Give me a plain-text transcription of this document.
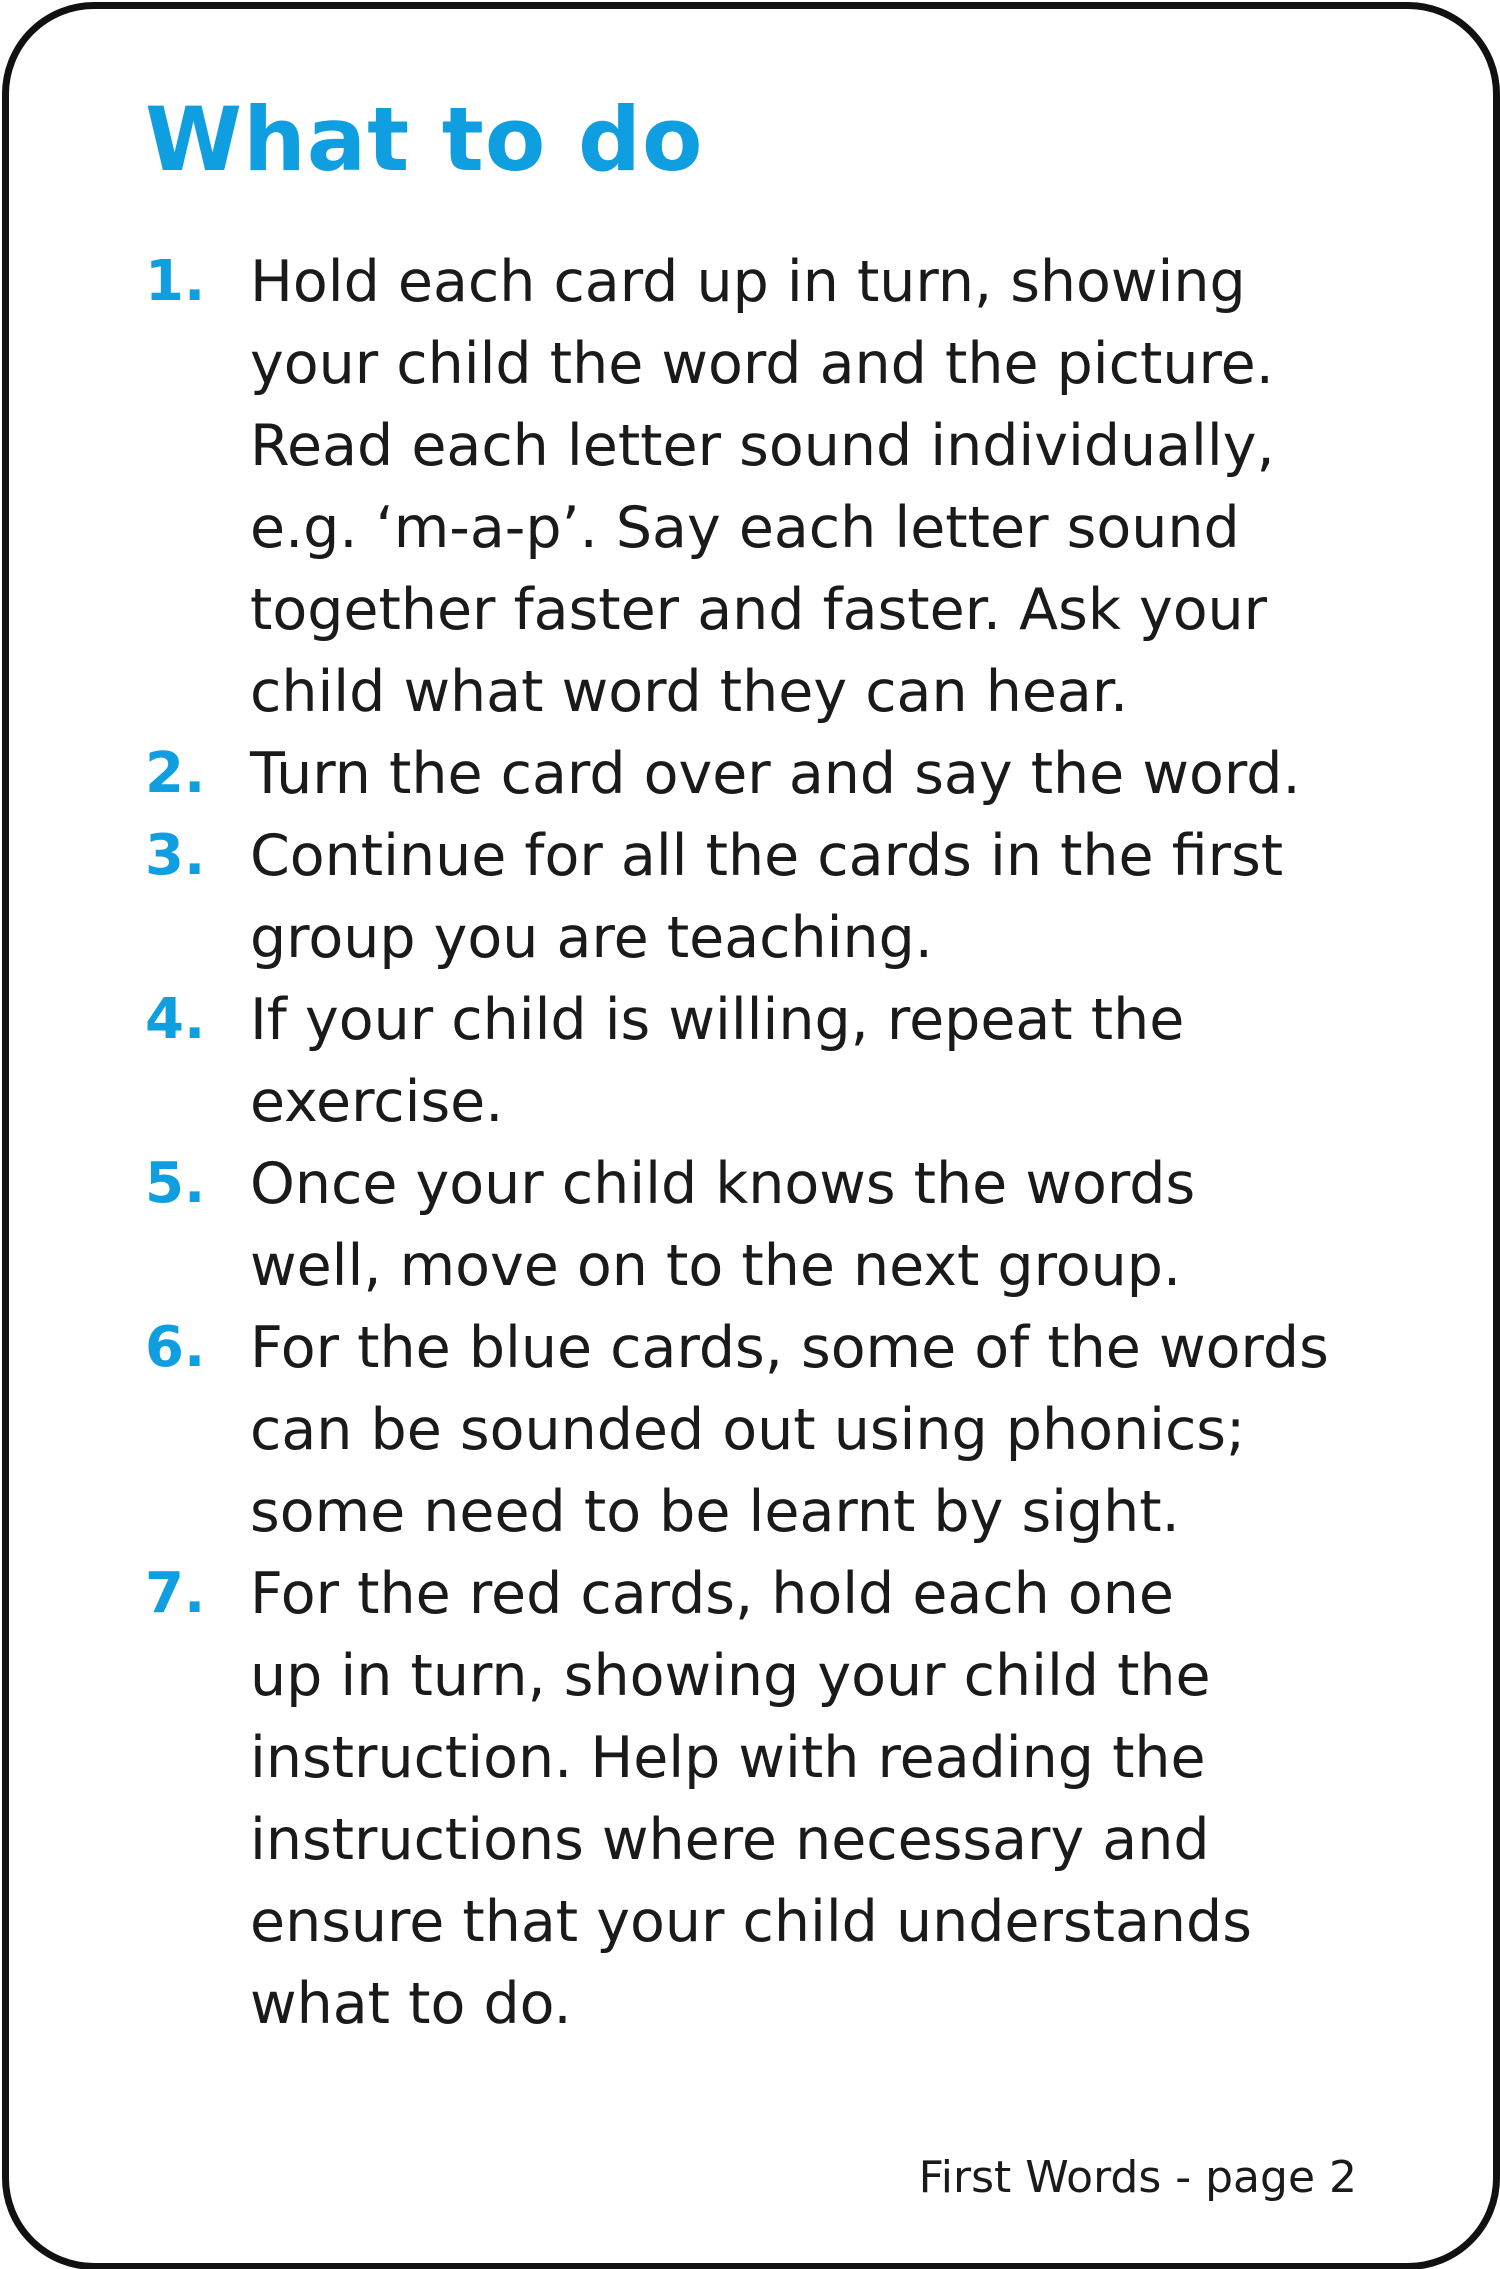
What to do
1. Hold each card up in turn, showing
your child the word and the picture.
Read each letter sound individually,
e.g. ‘m-a-p’. Say each letter sound
together faster and faster. Ask your
child what word they can hear.
2. Turn the card over and say the word.
3. Continue for all the cards in the first
group you are teaching.
4. If your child is willing, repeat the
exercise.
5. Once your child knows the words
well, move on to the next group.
6. For the blue cards, some of the words
can be sounded out using phonics;
some need to be learnt by sight.
7. For the red cards, hold each one
up in turn, showing your child the
instruction. Help with reading the
instructions where necessary and
ensure that your child understands
what to do.

First Words - page 2
